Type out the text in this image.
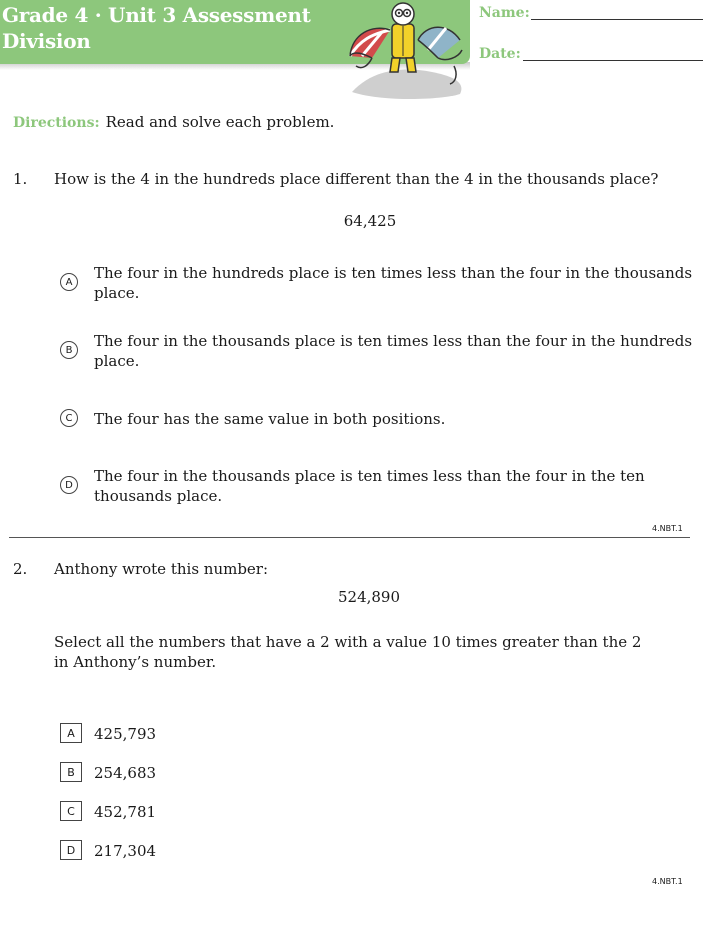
Grade 4 · Unit 3 Assessment
Division
Name:
Date:
Directions: Read and solve each problem.
1. How is the 4 in the hundreds place different than the 4 in the thousands place?
64,425
A	The four in the hundreds place is ten times less than the four in the thousands place.
B	The four in the thousands place is ten times less than the four in the hundreds place.
C	The four has the same value in both positions.
D	The four in the thousands place is ten times less than the four in the ten thousands place.
4.NBT.1
2. Anthony wrote this number:
524,890
Select all the numbers that have a 2 with a value 10 times greater than the 2 in Anthony’s number.
A	425,793
B	254,683
C	452,781
D	217,304
4.NBT.1
